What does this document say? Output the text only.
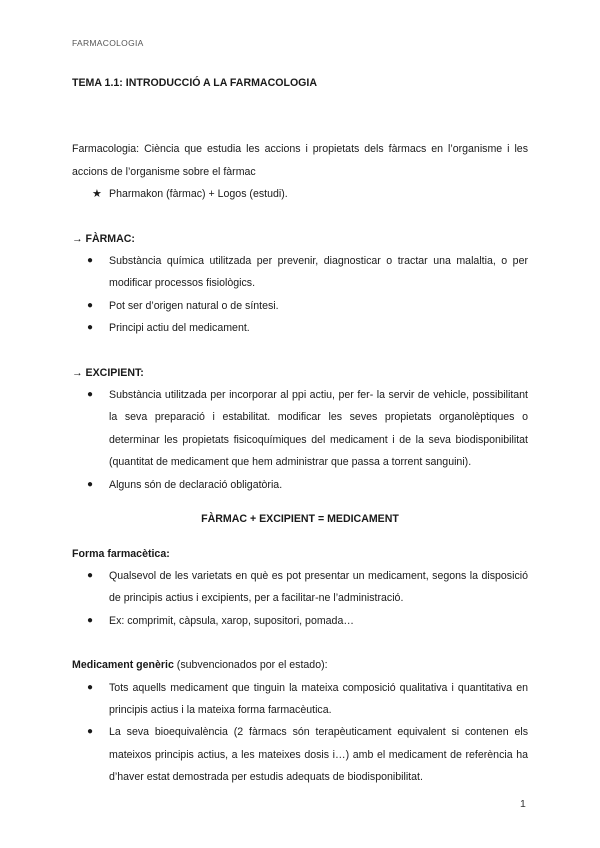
FARMACOLOGIA

TEMA 1.1: INTRODUCCIÓ A LA FARMACOLOGIA

Farmacologia: Ciència que estudia les accions i propietats dels fàrmacs en l’organisme i les accions de l’organisme sobre el fàrmac

★ Pharmakon (fàrmac) + Logos (estudi).

→ FÀRMAC:

● Substància química utilitzada per prevenir, diagnosticar o tractar una malaltia, o per modificar processos fisiològics.
● Pot ser d’origen natural o de síntesi.
● Principi actiu del medicament.

→ EXCIPIENT:

● Substància utilitzada per incorporar al ppi actiu, per fer- la servir de vehicle, possibilitant la seva preparació i estabilitat. modificar les seves propietats organolèptiques o determinar les propietats fisicoquímiques del medicament i de la seva biodisponibilitat (quantitat de medicament que hem administrar que passa a torrent sanguini).
● Alguns són de declaració obligatòria.

FÀRMAC + EXCIPIENT = MEDICAMENT

Forma farmacètica:

● Qualsevol de les varietats en què es pot presentar un medicament, segons la disposició de principis actius i excipients, per a facilitar-ne l’administració.
● Ex: comprimit, càpsula, xarop, supositori, pomada…

Medicament genèric (subvencionados por el estado):

● Tots aquells medicament que tinguin la mateixa composició qualitativa i quantitativa en principis actius i la mateixa forma farmacèutica.
● La seva bioequivalència (2 fàrmacs són terapèuticament equivalent si contenen els mateixos principis actius, a les mateixes dosis i…) amb el medicament de referència ha d’haver estat demostrada per estudis adequats de biodisponibilitat.
1
